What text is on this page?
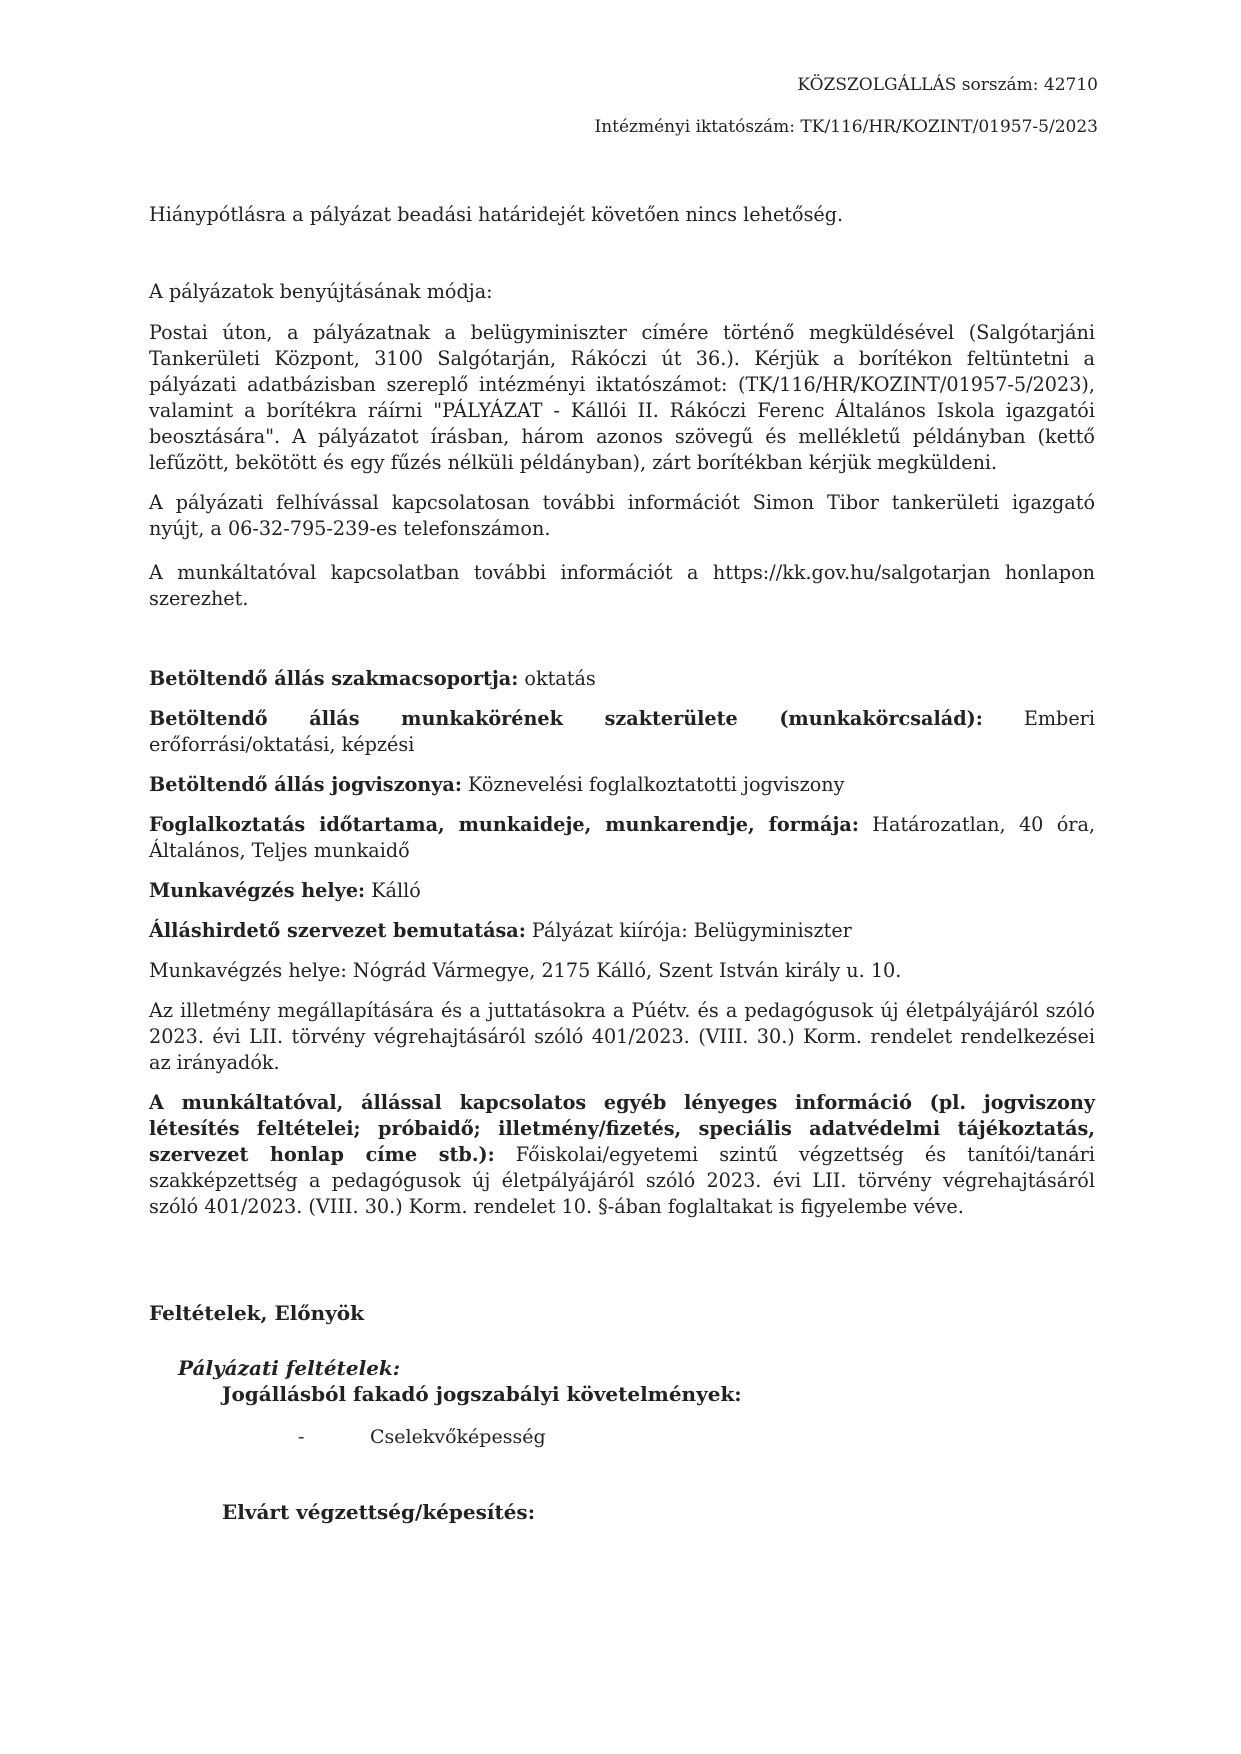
KÖZSZOLGÁLLÁS sorszám: 42710
Intézményi iktatószám: TK/116/HR/KOZINT/01957-5/2023

Hiánypótlásra a pályázat beadási határidejét követően nincs lehetőség.

A pályázatok benyújtásának módja:

Postai úton, a pályázatnak a belügyminiszter címére történő megküldésével (Salgótarjáni Tankerületi Központ, 3100 Salgótarján, Rákóczi út 36.). Kérjük a borítékon feltüntetni a pályázati adatbázisban szereplő intézményi iktatószámot: (TK/116/HR/KOZINT/01957-5/2023), valamint a borítékra ráírni "PÁLYÁZAT - Kállói II. Rákóczi Ferenc Általános Iskola igazgatói beosztására". A pályázatot írásban, három azonos szövegű és mellékletű példányban (kettő lefűzött, bekötött és egy fűzés nélküli példányban), zárt borítékban kérjük megküldeni.

A pályázati felhívással kapcsolatosan további információt Simon Tibor tankerületi igazgató nyújt, a 06-32-795-239-es telefonszámon.

A munkáltatóval kapcsolatban további információt a https://kk.gov.hu/salgotarjan honlapon szerezhet.

Betöltendő állás szakmacsoportja: oktatás

Betöltendő állás munkakörének szakterülete (munkakörcsalád): Emberi erőforrási/oktatási, képzési

Betöltendő állás jogviszonya: Köznevelési foglalkoztatotti jogviszony

Foglalkoztatás időtartama, munkaideje, munkarendje, formája: Határozatlan, 40 óra, Általános, Teljes munkaidő

Munkavégzés helye: Kálló

Álláshirdető szervezet bemutatása: Pályázat kiírója: Belügyminiszter

Munkavégzés helye: Nógrád Vármegye, 2175 Kálló, Szent István király u. 10.

Az illetmény megállapítására és a juttatásokra a Púétv. és a pedagógusok új életpályájáról szóló 2023. évi LII. törvény végrehajtásáról szóló 401/2023. (VIII. 30.) Korm. rendelet rendelkezései az irányadók.

A munkáltatóval, állással kapcsolatos egyéb lényeges információ (pl. jogviszony létesítés feltételei; próbaidő; illetmény/fizetés, speciális adatvédelmi tájékoztatás, szervezet honlap címe stb.): Főiskolai/egyetemi szintű végzettség és tanítói/tanári szakképzettség a pedagógusok új életpályájáról szóló 2023. évi LII. törvény végrehajtásáról szóló 401/2023. (VIII. 30.) Korm. rendelet 10. §-ában foglaltakat is figyelembe véve.

Feltételek, Előnyök
Pályázati feltételek:
Jogállásból fakadó jogszabályi követelmények:
-	Cselekvőképesség
Elvárt végzettség/képesítés:
